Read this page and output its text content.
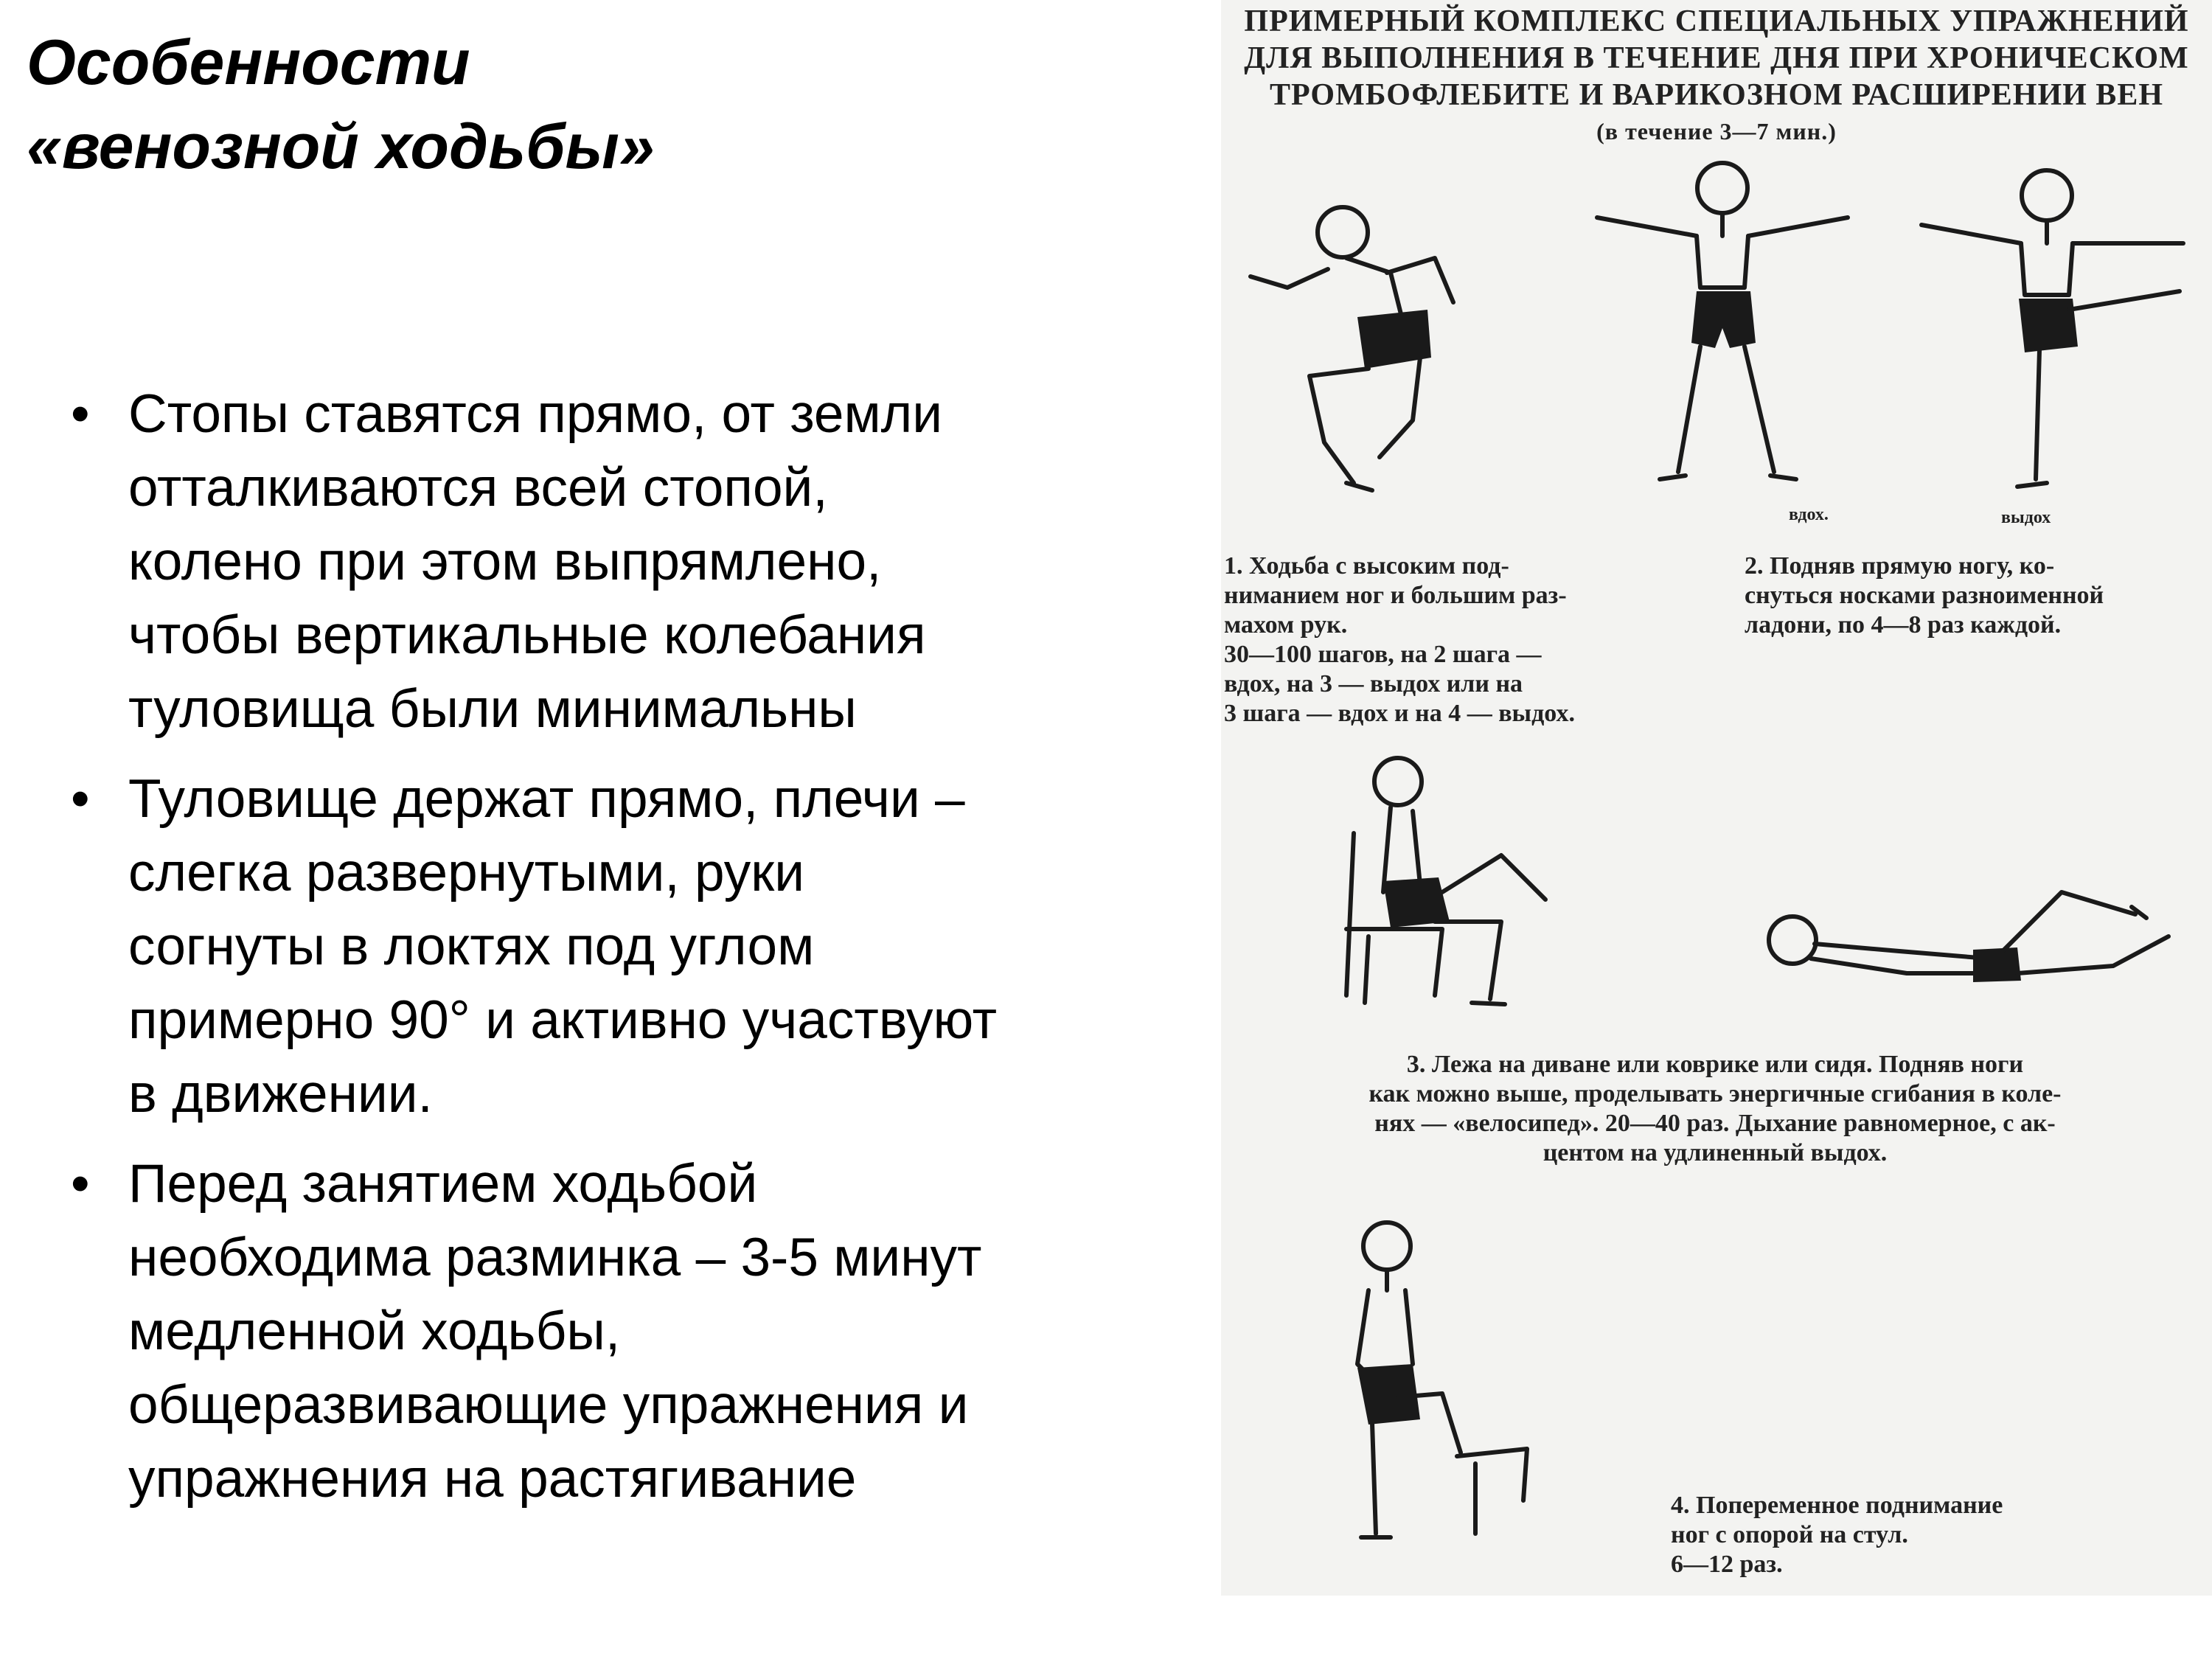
Особенности
«венозной ходьбы»
• Стопы ставятся прямо, от земли
отталкиваются всей стопой,
колено при этом выпрямлено,
чтобы вертикальные колебания
туловища были минимальны
• Туловище держат прямо, плечи –
слегка развернутыми, руки
согнуты в локтях под углом
примерно 90° и активно участвуют
в движении.
• Перед занятием ходьбой
необходима разминка – 3-5 минут
медленной ходьбы,
общеразвивающие упражнения и
упражнения на растягивание
ПРИМЕРНЫЙ КОМПЛЕКС СПЕЦИАЛЬНЫХ УПРАЖНЕНИЙ
ДЛЯ ВЫПОЛНЕНИЯ В ТЕЧЕНИЕ ДНЯ ПРИ ХРОНИЧЕСКОМ
ТРОМБОФЛЕБИТЕ И ВАРИКОЗНОМ РАСШИРЕНИИ ВЕН
(в течение 3—7 мин.)
вдох.	выдох
1. Ходьба с высоким под-
ниманием ног и большим раз-
махом рук.
30—100 шагов, на 2 шага —
вдох, на 3 — выдох или на
3 шага — вдох и на 4 — выдох.
2. Подняв прямую ногу, ко-
снуться носками разноименной
ладони, по 4—8 раз каждой.
3. Лежа на диване или коврике или сидя. Подняв ноги
как можно выше, проделывать энергичные сгибания в коле-
нях — «велосипед». 20—40 раз. Дыхание равномерное, с ак-
центом на удлиненный выдох.
4. Попеременное поднимание
ног с опорой на стул.
6—12 раз.
